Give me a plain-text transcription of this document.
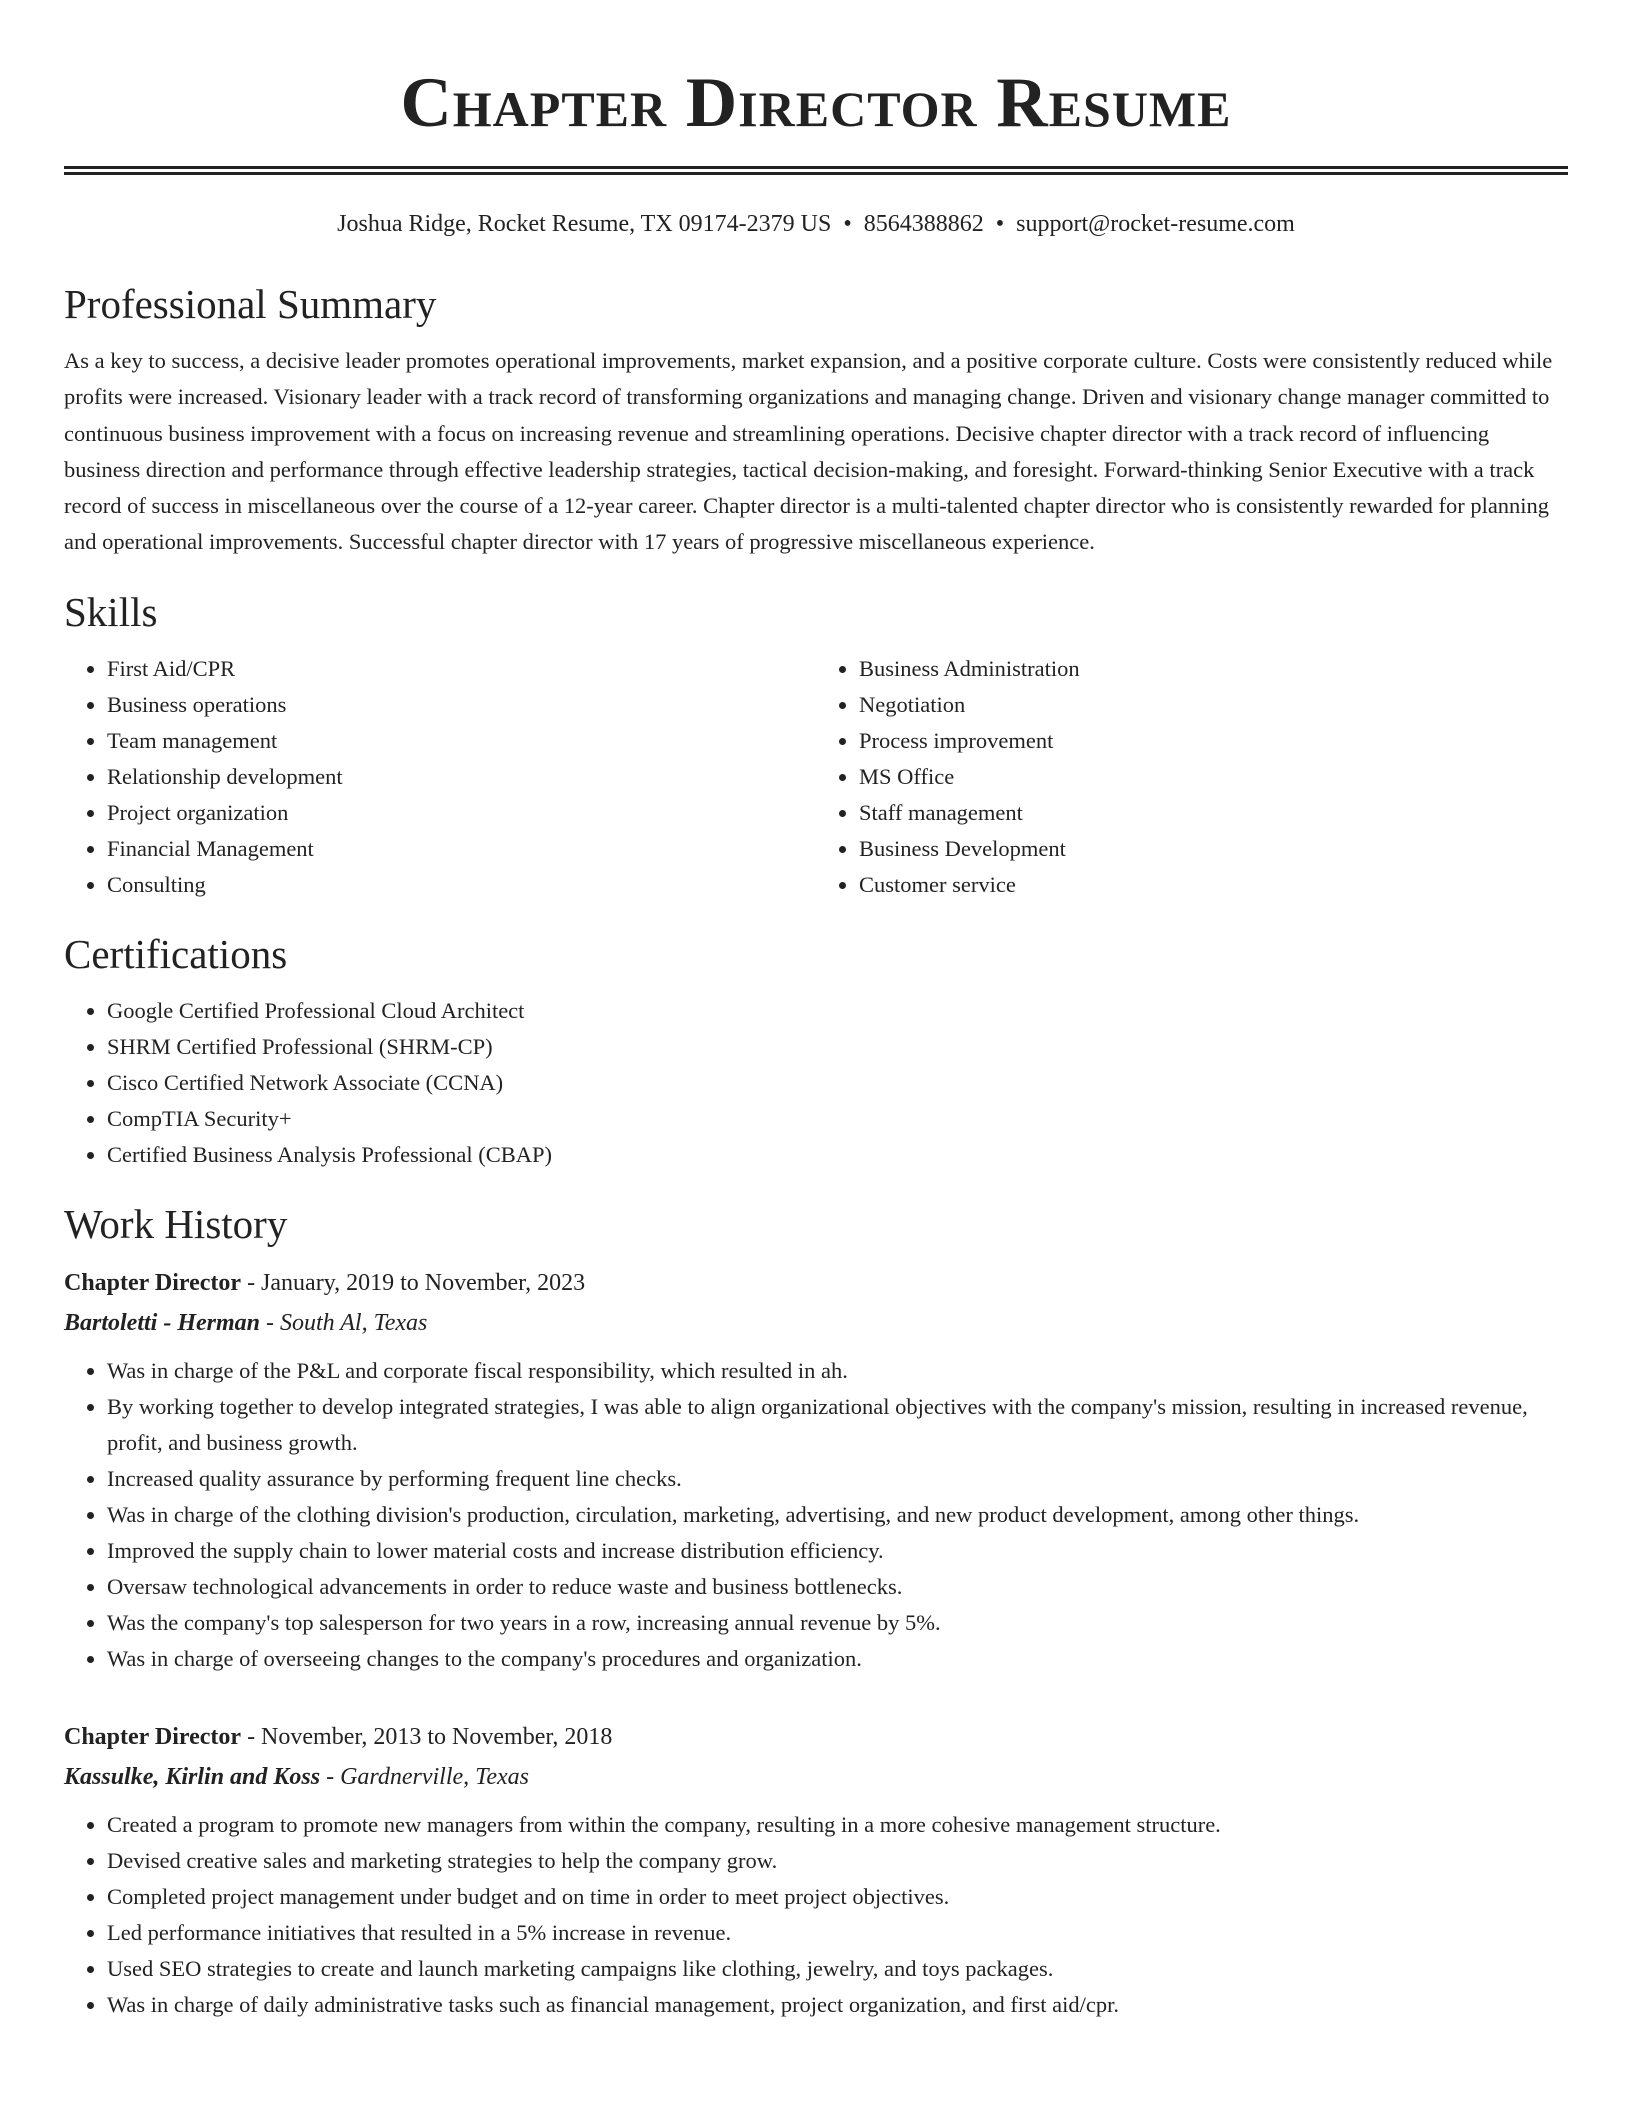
Chapter Director Resume
Joshua Ridge, Rocket Resume, TX 09174-2379 US • 8564388862 • support@rocket-resume.com
Professional Summary

As a key to success, a decisive leader promotes operational improvements, market expansion, and a positive corporate culture. Costs were consistently reduced while profits were increased. Visionary leader with a track record of transforming organizations and managing change. Driven and visionary change manager committed to continuous business improvement with a focus on increasing revenue and streamlining operations. Decisive chapter director with a track record of influencing business direction and performance through effective leadership strategies, tactical decision-making, and foresight. Forward-thinking Senior Executive with a track record of success in miscellaneous over the course of a 12-year career. Chapter director is a multi-talented chapter director who is consistently rewarded for planning and operational improvements. Successful chapter director with 17 years of progressive miscellaneous experience.

Skills
• First Aid/CPR
• Business operations
• Team management
• Relationship development
• Project organization
• Financial Management
• Consulting
• Business Administration
• Negotiation
• Process improvement
• MS Office
• Staff management
• Business Development
• Customer service
Certifications
• Google Certified Professional Cloud Architect
• SHRM Certified Professional (SHRM-CP)
• Cisco Certified Network Associate (CCNA)
• CompTIA Security+
• Certified Business Analysis Professional (CBAP)
Work History
Chapter Director - January, 2019 to November, 2023
Bartoletti - Herman - South Al, Texas
• Was in charge of the P&L and corporate fiscal responsibility, which resulted in ah.
• By working together to develop integrated strategies, I was able to align organizational objectives with the company's mission, resulting in increased revenue, profit, and business growth.
• Increased quality assurance by performing frequent line checks.
• Was in charge of the clothing division's production, circulation, marketing, advertising, and new product development, among other things.
• Improved the supply chain to lower material costs and increase distribution efficiency.
• Oversaw technological advancements in order to reduce waste and business bottlenecks.
• Was the company's top salesperson for two years in a row, increasing annual revenue by 5%.
• Was in charge of overseeing changes to the company's procedures and organization.
Chapter Director - November, 2013 to November, 2018
Kassulke, Kirlin and Koss - Gardnerville, Texas
• Created a program to promote new managers from within the company, resulting in a more cohesive management structure.
• Devised creative sales and marketing strategies to help the company grow.
• Completed project management under budget and on time in order to meet project objectives.
• Led performance initiatives that resulted in a 5% increase in revenue.
• Used SEO strategies to create and launch marketing campaigns like clothing, jewelry, and toys packages.
• Was in charge of daily administrative tasks such as financial management, project organization, and first aid/cpr.
